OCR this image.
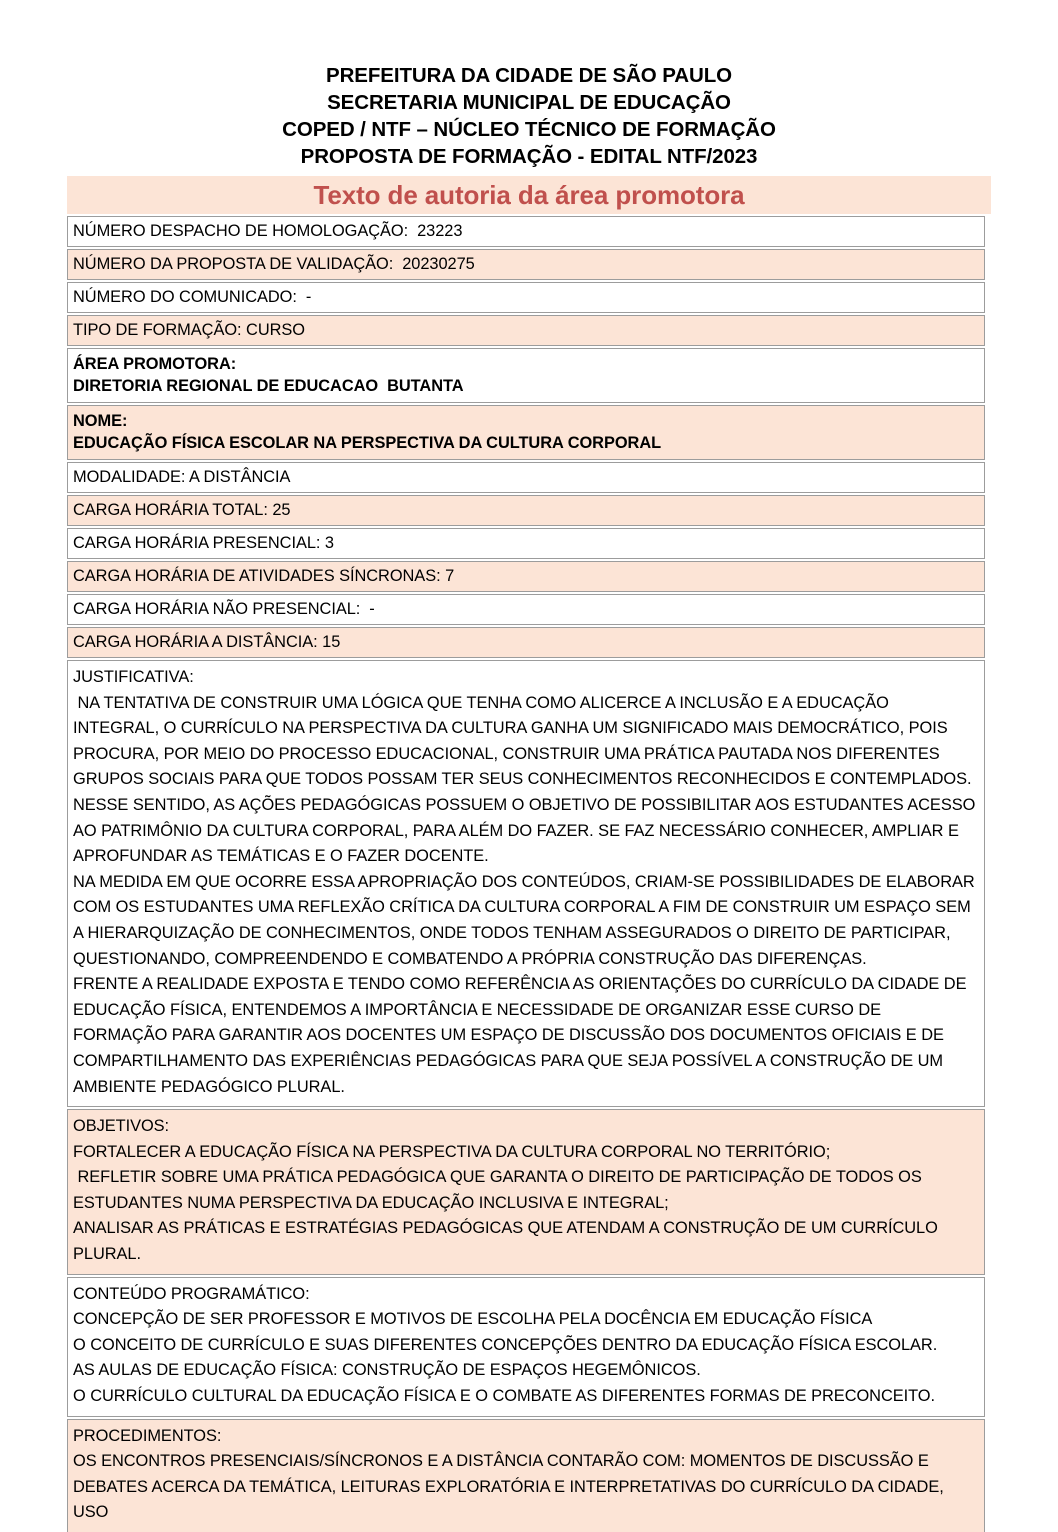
PREFEITURA DA CIDADE DE SÃO PAULO
SECRETARIA MUNICIPAL DE EDUCAÇÃO
COPED / NTF – NÚCLEO TÉCNICO DE FORMAÇÃO
PROPOSTA DE FORMAÇÃO - EDITAL NTF/2023
Texto de autoria da área promotora
NÚMERO DESPACHO DE HOMOLOGAÇÃO:  23223
NÚMERO DA PROPOSTA DE VALIDAÇÃO:  20230275
NÚMERO DO COMUNICADO:  -
TIPO DE FORMAÇÃO: CURSO
ÁREA PROMOTORA:
DIRETORIA REGIONAL DE EDUCACAO  BUTANTA
NOME:
EDUCAÇÃO FÍSICA ESCOLAR NA PERSPECTIVA DA CULTURA CORPORAL
MODALIDADE: A DISTÂNCIA
CARGA HORÁRIA TOTAL: 25
CARGA HORÁRIA PRESENCIAL: 3
CARGA HORÁRIA DE ATIVIDADES SÍNCRONAS: 7
CARGA HORÁRIA NÃO PRESENCIAL:  -
CARGA HORÁRIA A DISTÂNCIA: 15
JUSTIFICATIVA:
NA TENTATIVA DE CONSTRUIR UMA LÓGICA QUE TENHA COMO ALICERCE A INCLUSÃO E A EDUCAÇÃO INTEGRAL, O CURRÍCULO NA PERSPECTIVA DA CULTURA GANHA UM SIGNIFICADO MAIS DEMOCRÁTICO, POIS PROCURA, POR MEIO DO PROCESSO EDUCACIONAL, CONSTRUIR UMA PRÁTICA PAUTADA NOS DIFERENTES GRUPOS SOCIAIS PARA QUE TODOS POSSAM TER SEUS CONHECIMENTOS RECONHECIDOS E CONTEMPLADOS. NESSE SENTIDO, AS AÇÕES PEDAGÓGICAS POSSUEM O OBJETIVO DE POSSIBILITAR AOS ESTUDANTES ACESSO AO PATRIMÔNIO DA CULTURA CORPORAL, PARA ALÉM DO FAZER. SE FAZ NECESSÁRIO CONHECER, AMPLIAR E APROFUNDAR AS TEMÁTICAS E O FAZER DOCENTE.
NA MEDIDA EM QUE OCORRE ESSA APROPRIAÇÃO DOS CONTEÚDOS, CRIAM-SE POSSIBILIDADES DE ELABORAR COM OS ESTUDANTES UMA REFLEXÃO CRÍTICA DA CULTURA CORPORAL A FIM DE CONSTRUIR UM ESPAÇO SEM A HIERARQUIZAÇÃO DE CONHECIMENTOS, ONDE TODOS TENHAM ASSEGURADOS O DIREITO DE PARTICIPAR, QUESTIONANDO, COMPREENDENDO E COMBATENDO A PRÓPRIA CONSTRUÇÃO DAS DIFERENÇAS.
FRENTE A REALIDADE EXPOSTA E TENDO COMO REFERÊNCIA AS ORIENTAÇÕES DO CURRÍCULO DA CIDADE DE EDUCAÇÃO FÍSICA, ENTENDEMOS A IMPORTÂNCIA E NECESSIDADE DE ORGANIZAR ESSE CURSO DE FORMAÇÃO PARA GARANTIR AOS DOCENTES UM ESPAÇO DE DISCUSSÃO DOS DOCUMENTOS OFICIAIS E DE COMPARTILHAMENTO DAS EXPERIÊNCIAS PEDAGÓGICAS PARA QUE SEJA POSSÍVEL A CONSTRUÇÃO DE UM AMBIENTE PEDAGÓGICO PLURAL.
OBJETIVOS:
FORTALECER A EDUCAÇÃO FÍSICA NA PERSPECTIVA DA CULTURA CORPORAL NO TERRITÓRIO;
REFLETIR SOBRE UMA PRÁTICA PEDAGÓGICA QUE GARANTA O DIREITO DE PARTICIPAÇÃO DE TODOS OS ESTUDANTES NUMA PERSPECTIVA DA EDUCAÇÃO INCLUSIVA E INTEGRAL;
ANALISAR AS PRÁTICAS E ESTRATÉGIAS PEDAGÓGICAS QUE ATENDAM A CONSTRUÇÃO DE UM CURRÍCULO PLURAL.
CONTEÚDO PROGRAMÁTICO:
CONCEPÇÃO DE SER PROFESSOR E MOTIVOS DE ESCOLHA PELA DOCÊNCIA EM EDUCAÇÃO FÍSICA
O CONCEITO DE CURRÍCULO E SUAS DIFERENTES CONCEPÇÕES DENTRO DA EDUCAÇÃO FÍSICA ESCOLAR.
AS AULAS DE EDUCAÇÃO FÍSICA: CONSTRUÇÃO DE ESPAÇOS HEGEMÔNICOS.
O CURRÍCULO CULTURAL DA EDUCAÇÃO FÍSICA E O COMBATE AS DIFERENTES FORMAS DE PRECONCEITO.
PROCEDIMENTOS:
OS ENCONTROS PRESENCIAIS/SÍNCRONOS E A DISTÂNCIA CONTARÃO COM: MOMENTOS DE DISCUSSÃO E DEBATES ACERCA DA TEMÁTICA, LEITURAS EXPLORATÓRIA E INTERPRETATIVAS DO CURRÍCULO DA CIDADE, USO
